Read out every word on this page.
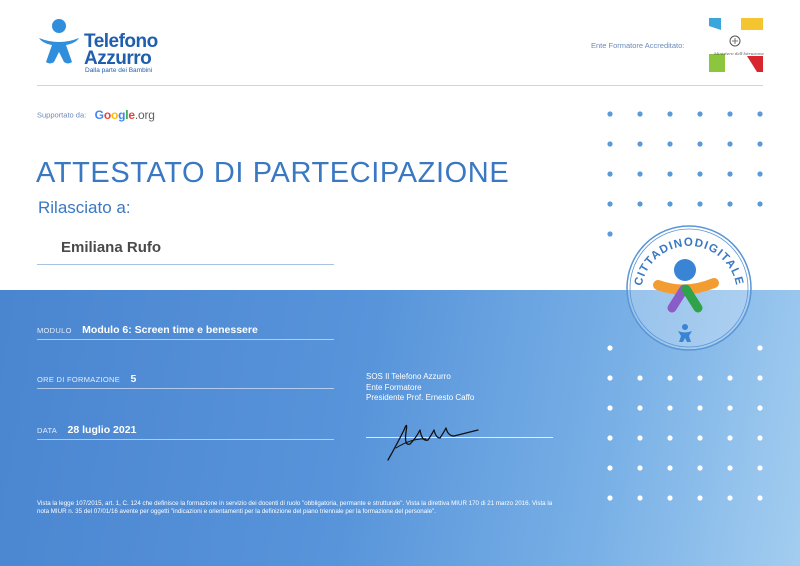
Telefono
Azzurro
Dalla parte dei Bambini
Ente Formatore Accreditato:
Ministero dell'Istruzione
Supportato da: Google.org
ATTESTATO DI PARTECIPAZIONE
Rilasciato a:
Emiliana Rufo
CITTADINODIGITALE
MODULO Modulo 6: Screen time e benessere
ORE DI FORMAZIONE 5
DATA 28 luglio 2021
SOS Il Telefono Azzurro
Ente Formatore
Presidente Prof. Ernesto Caffo
Vista la legge 107/2015, art. 1, C. 124 che definisce la formazione in servizio dei docenti di ruolo "obbligatoria, permante e strutturale". Vista la direttiva MIUR 170 di 21 marzo 2016. Vista la nota MIUR n. 35 del 07/01/16 avente per oggetti "indicazioni e orientamenti per la definizione del piano triennale per la formazione del personale".
